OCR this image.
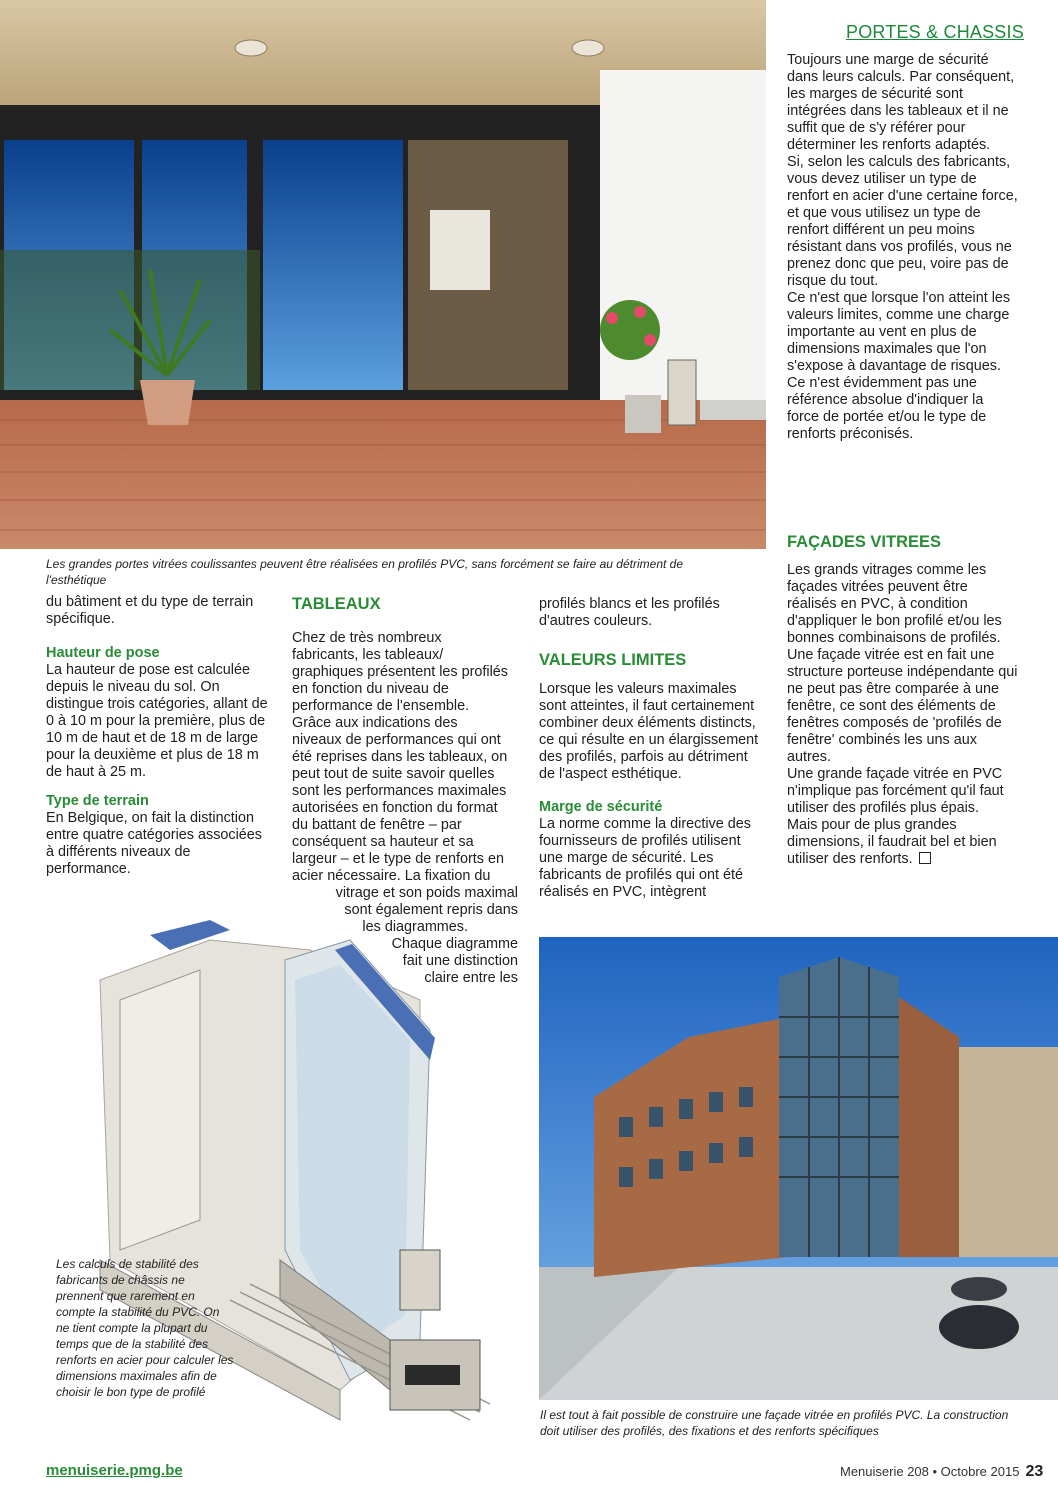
PORTES & CHASSIS

Toujours une marge de sécurité dans leurs calculs. Par conséquent, les marges de sécurité sont intégrées dans les tableaux et il ne suffit que de s'y référer pour déterminer les renforts adaptés.

Si, selon les calculs des fabricants, vous devez utiliser un type de renfort en acier d'une certaine force, et que vous utilisez un type de renfort différent un peu moins résistant dans vos profilés, vous ne prenez donc que peu, voire pas de risque du tout.

Ce n'est que lorsque l'on atteint les valeurs limites, comme une charge importante au vent en plus de dimensions maximales que l'on s'expose à davantage de risques.

Ce n'est évidemment pas une référence absolue d'indiquer la force de portée et/ou le type de renforts préconisés.

FAÇADES VITREES

Les grands vitrages comme les façades vitrées peuvent être réalisés en PVC, à condition d'appliquer le bon profilé et/ou les bonnes combinaisons de profilés.

Une façade vitrée est en fait une structure porteuse indépendante qui ne peut pas être comparée à une fenêtre, ce sont des éléments de fenêtres composés de 'profilés de fenêtre' combinés les uns aux autres.

Une grande façade vitrée en PVC n'implique pas forcément qu'il faut utiliser des profilés plus épais.

Mais pour de plus grandes dimensions, il faudrait bel et bien utiliser des renforts.

Les grandes portes vitrées coulissantes peuvent être réalisées en profilés PVC, sans forcément se faire au détriment de l'esthétique

du bâtiment et du type de terrain spécifique.

Hauteur de pose

La hauteur de pose est calculée depuis le niveau du sol. On distingue trois catégories, allant de 0 à 10 m pour la première, plus de 10 m de haut et de 18 m de large pour la deuxième et plus de 18 m de haut à 25 m.

Type de terrain

En Belgique, on fait la distinction entre quatre catégories associées à différents niveaux de performance.

TABLEAUX

Chez de très nombreux
fabricants, les tableaux/
graphiques présentent les profilés
en fonction du niveau de
performance de l'ensemble.
Grâce aux indications des
niveaux de performances qui ont
été reprises dans les tableaux, on
peut tout de suite savoir quelles
sont les performances maximales
autorisées en fonction du format
du battant de fenêtre – par
conséquent sa hauteur et sa
largeur – et le type de renforts en
acier nécessaire. La fixation du
vitrage et son poids maximal
sont également repris dans
les diagrammes.
Chaque diagramme
fait une distinction
claire entre les

profilés blancs et les profilés d'autres couleurs.

VALEURS LIMITES

Lorsque les valeurs maximales sont atteintes, il faut certainement combiner deux éléments distincts, ce qui résulte en un élargissement des profilés, parfois au détriment de l'aspect esthétique.

Marge de sécurité

La norme comme la directive des fournisseurs de profilés utilisent une marge de sécurité. Les fabricants de profilés qui ont été réalisés en PVC, intègrent

Les calculs de stabilité des fabricants de châssis ne prennent que rarement en compte la stabilité du PVC. On ne tient compte la plupart du temps que de la stabilité des renforts en acier pour calculer les dimensions maximales afin de choisir le bon type de profilé
Il est tout à fait possible de construire une façade vitrée en profilés PVC. La construction doit utiliser des profilés, des fixations et des renforts spécifiques
menuiserie.pmg.be	Menuiserie 208 • Octobre 2015 23
